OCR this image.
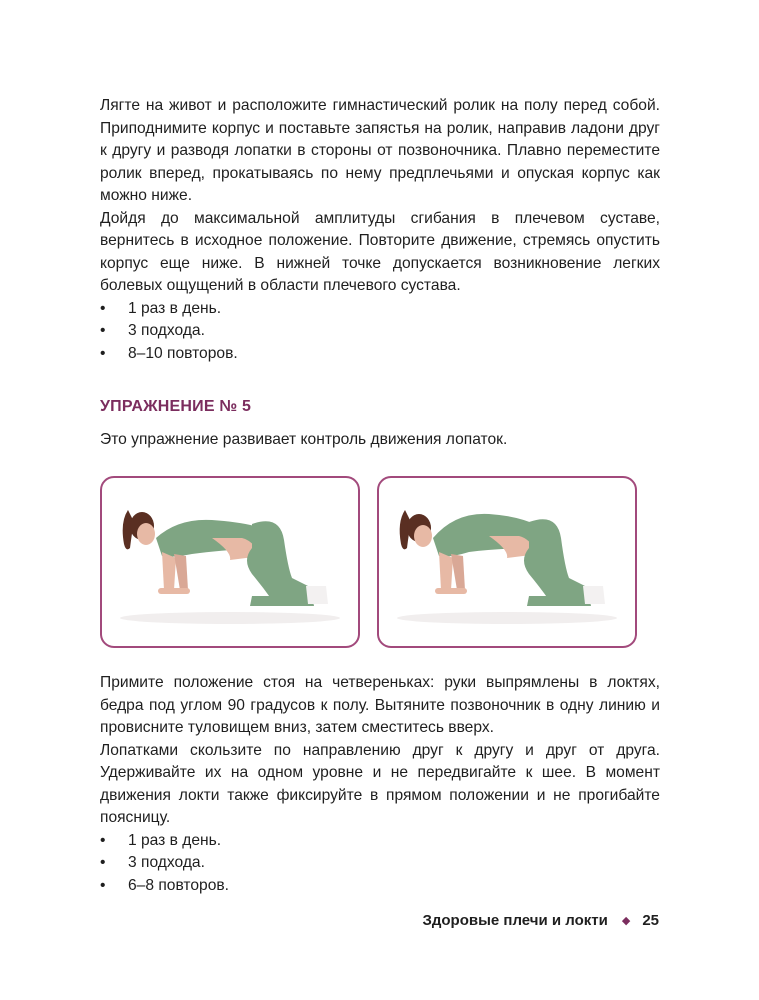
Лягте на живот и расположите гимнастический ролик на полу перед собой. Приподнимите корпус и поставьте запястья на ролик, направив ладони друг к другу и разводя лопатки в стороны от позвоночника. Плавно переместите ролик вперед, прокатываясь по нему предплечьями и опуская корпус как можно ниже.

Дойдя до максимальной амплитуды сгибания в плечевом суставе, вернитесь в исходное положение. Повторите движение, стремясь опустить корпус еще ниже. В нижней точке допускается возникновение легких болевых ощущений в области плечевого сустава.

• 1 раз в день.
• 3 подхода.
• 8–10 повторов.
УПРАЖНЕНИЕ № 5
Это упражнение развивает контроль движения лопаток.

Примите положение стоя на четвереньках: руки выпрямлены в локтях, бедра под углом 90 градусов к полу. Вытяните позвоночник в одну линию и провисните туловищем вниз, затем сместитесь вверх.

Лопатками скользите по направлению друг к другу и друг от друга. Удерживайте их на одном уровне и не передвигайте к шее. В момент движения локти также фиксируйте в прямом положении и не прогибайте поясницу.

• 1 раз в день.
• 3 подхода.
• 6–8 повторов.
Здоровые плечи и локти ◆ 25
